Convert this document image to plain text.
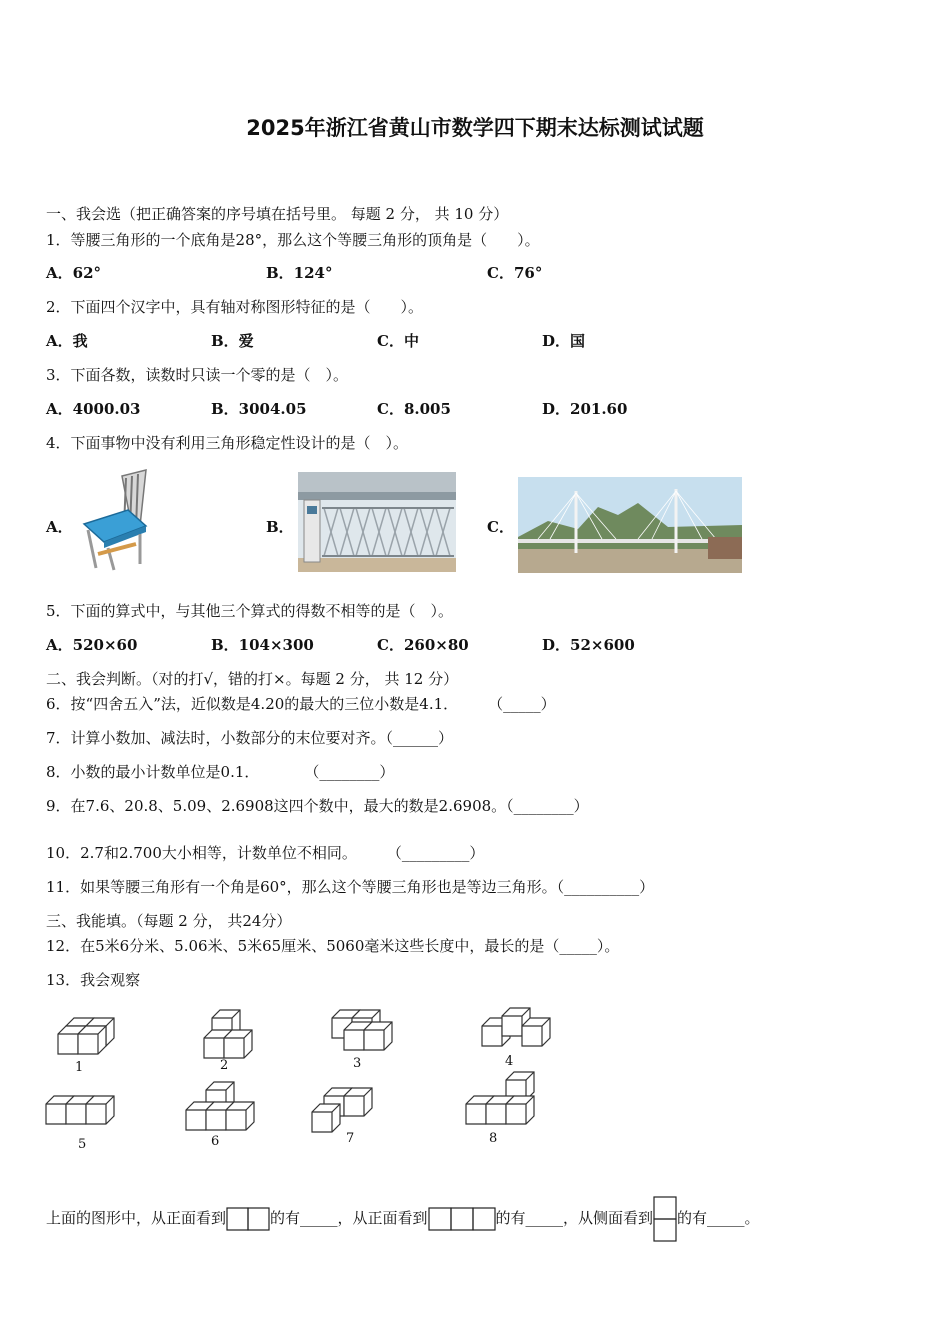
2025年浙江省黄山市数学四下期末达标测试试题
一、我会选（把正确答案的序号填在括号里。 每题 2 分， 共 10 分）
1．等腰三角形的一个底角是28°，那么这个等腰三角形的顶角是（　　）。
A．62°	B．124°	C．76°
2．下面四个汉字中，具有轴对称图形特征的是（　　）。
A．我	B．爱	C．中	D．国
3．下面各数，读数时只读一个零的是（　）。
A．4000.03	B．3004.05	C．8.005	D．201.60
4．下面事物中没有利用三角形稳定性设计的是（　）。
A．	B．	C．
5．下面的算式中，与其他三个算式的得数不相等的是（　）。
A．520×60	B．104×300	C．260×80	D．52×600
二、我会判断。（对的打√，错的打×。每题 2 分， 共 12 分）
6．按“四舍五入”法，近似数是4.20的最大的三位小数是4.1．　　　（_____）
7．计算小数加、减法时，小数部分的末位要对齐。（______）
8．小数的最小计数单位是0.1．　　　　（________）
9．在7.6、20.8、5.09、2.6908这四个数中，最大的数是2.6908。（________）
10．2.7和2.700大小相等，计数单位不相同。　　　（_________）
11．如果等腰三角形有一个角是60°，那么这个等腰三角形也是等边三角形。（__________）
三、我能填。（每题 2 分， 共24分）
12．在5米6分米、5.06米、5米65厘米、5060毫米这些长度中，最长的是（_____）。
13．我会观察
1	2	3	4
5	6	7	8
上面的图形中，从正面看到	的有_____，从正面看到	的有_____，从侧面看到 的有_____。
